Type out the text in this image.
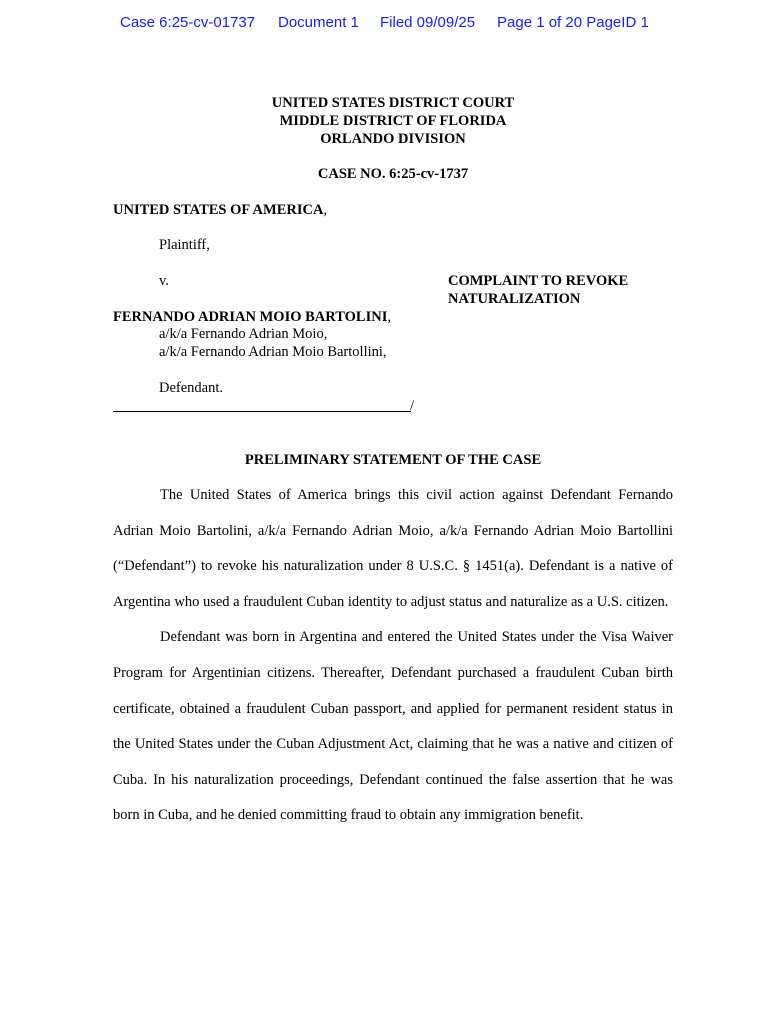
Case 6:25-cv-01737 Document 1 Filed 09/09/25 Page 1 of 20 PageID 1
UNITED STATES DISTRICT COURT
MIDDLE DISTRICT OF FLORIDA
ORLANDO DIVISION
CASE NO. 6:25-cv-1737
UNITED STATES OF AMERICA,
Plaintiff,
v.	COMPLAINT TO REVOKE
NATURALIZATION
FERNANDO ADRIAN MOIO BARTOLINI,
a/k/a Fernando Adrian Moio,
a/k/a Fernando Adrian Moio Bartollini,
Defendant.
/
PRELIMINARY STATEMENT OF THE CASE

The United States of America brings this civil action against Defendant Fernando Adrian Moio Bartolini, a/k/a Fernando Adrian Moio, a/k/a Fernando Adrian Moio Bartollini (“Defendant”) to revoke his naturalization under 8 U.S.C. § 1451(a). Defendant is a native of Argentina who used a fraudulent Cuban identity to adjust status and naturalize as a U.S. citizen.

Defendant was born in Argentina and entered the United States under the Visa Waiver Program for Argentinian citizens. Thereafter, Defendant purchased a fraudulent Cuban birth certificate, obtained a fraudulent Cuban passport, and applied for permanent resident status in the United States under the Cuban Adjustment Act, claiming that he was a native and citizen of Cuba. In his naturalization proceedings, Defendant continued the false assertion that he was born in Cuba, and he denied committing fraud to obtain any immigration benefit.
